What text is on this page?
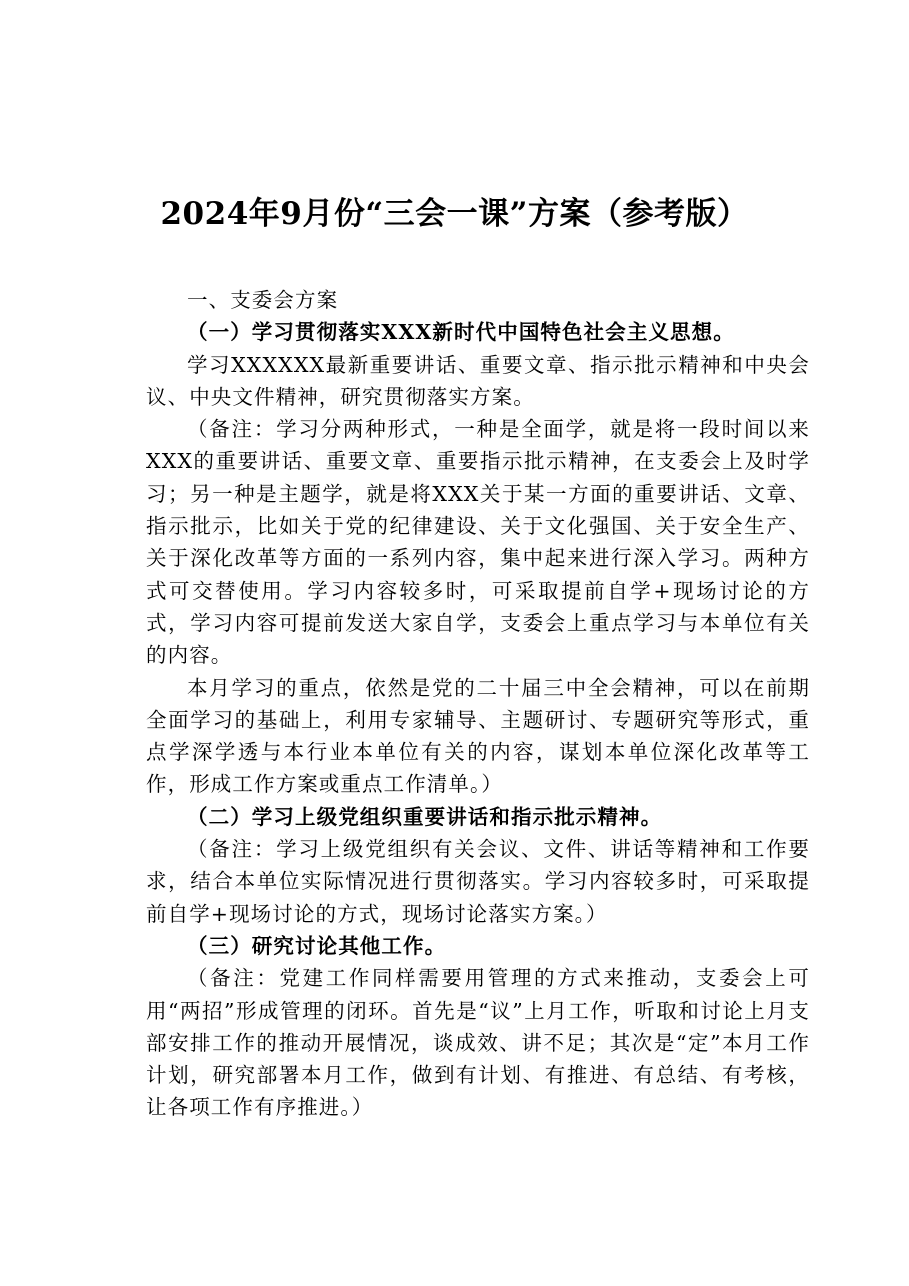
2024年9月份“三会一课”方案（参考版）

一、支委会方案

（一）学习贯彻落实XXX新时代中国特色社会主义思想。

学习XXXXXX最新重要讲话、重要文章、指示批示精神和中央会议、中央文件精神，研究贯彻落实方案。

（备注：学习分两种形式，一种是全面学，就是将一段时间以来XXX的重要讲话、重要文章、重要指示批示精神，在支委会上及时学习；另一种是主题学，就是将XXX关于某一方面的重要讲话、文章、指示批示，比如关于党的纪律建设、关于文化强国、关于安全生产、关于深化改革等方面的一系列内容，集中起来进行深入学习。两种方式可交替使用。学习内容较多时，可采取提前自学+现场讨论的方式，学习内容可提前发送大家自学，支委会上重点学习与本单位有关的内容。

本月学习的重点，依然是党的二十届三中全会精神，可以在前期全面学习的基础上，利用专家辅导、主题研讨、专题研究等形式，重点学深学透与本行业本单位有关的内容，谋划本单位深化改革等工作，形成工作方案或重点工作清单。）

（二）学习上级党组织重要讲话和指示批示精神。

（备注：学习上级党组织有关会议、文件、讲话等精神和工作要求，结合本单位实际情况进行贯彻落实。学习内容较多时，可采取提前自学+现场讨论的方式，现场讨论落实方案。）

（三）研究讨论其他工作。

（备注：党建工作同样需要用管理的方式来推动，支委会上可用“两招”形成管理的闭环。首先是“议”上月工作，听取和讨论上月支部安排工作的推动开展情况，谈成效、讲不足；其次是“定”本月工作计划，研究部署本月工作，做到有计划、有推进、有总结、有考核，让各项工作有序推进。）
